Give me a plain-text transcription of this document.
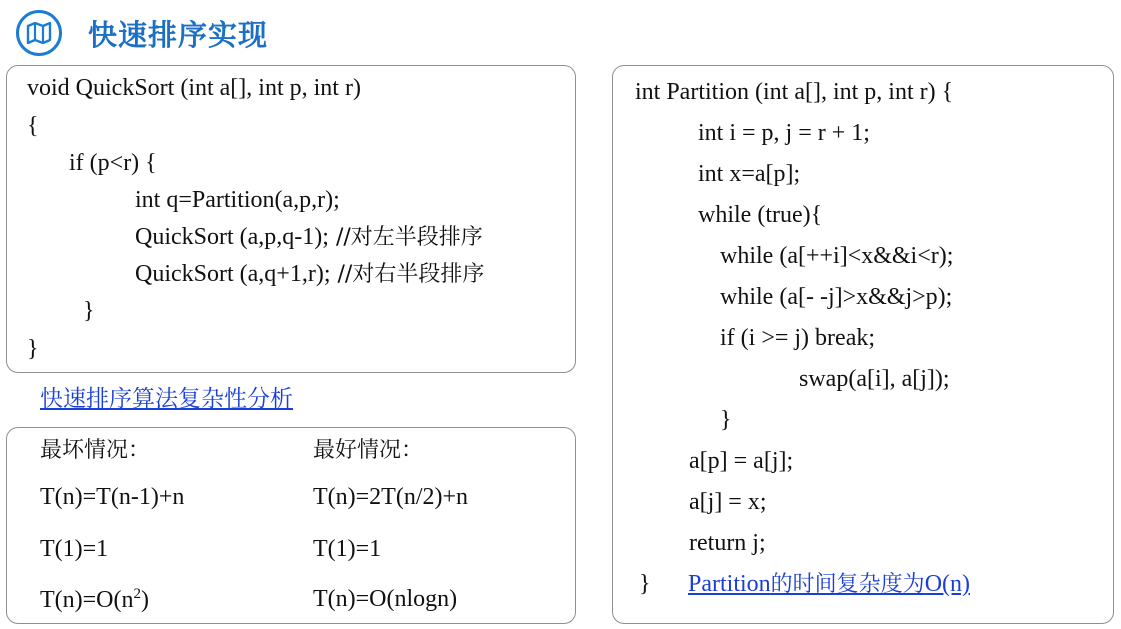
快速排序实现
void QuickSort (int a[], int p, int r)
{
if (p<r) {
int q=Partition(a,p,r);
QuickSort (a,p,q-1); //对左半段排序
QuickSort (a,q+1,r); //对右半段排序
}
}
快速排序算法复杂性分析
最坏情况：	最好情况：
T(n)=T(n-1)+n	T(n)=2T(n/2)+n
T(1)=1	T(1)=1
$T(n)=O(n^2)$	T(n)=O(nlogn)
int Partition (int a[], int p, int r) {
int i = p, j = r + 1;
int x=a[p];
while (true){
while (a[++i]<x&&i<r);
while (a[- -j]>x&&j>p);
if (i >= j) break;
swap(a[i], a[j]);
}
a[p] = a[j];
a[j] = x;
return j;
} Partition的时间复杂度为O(n)
